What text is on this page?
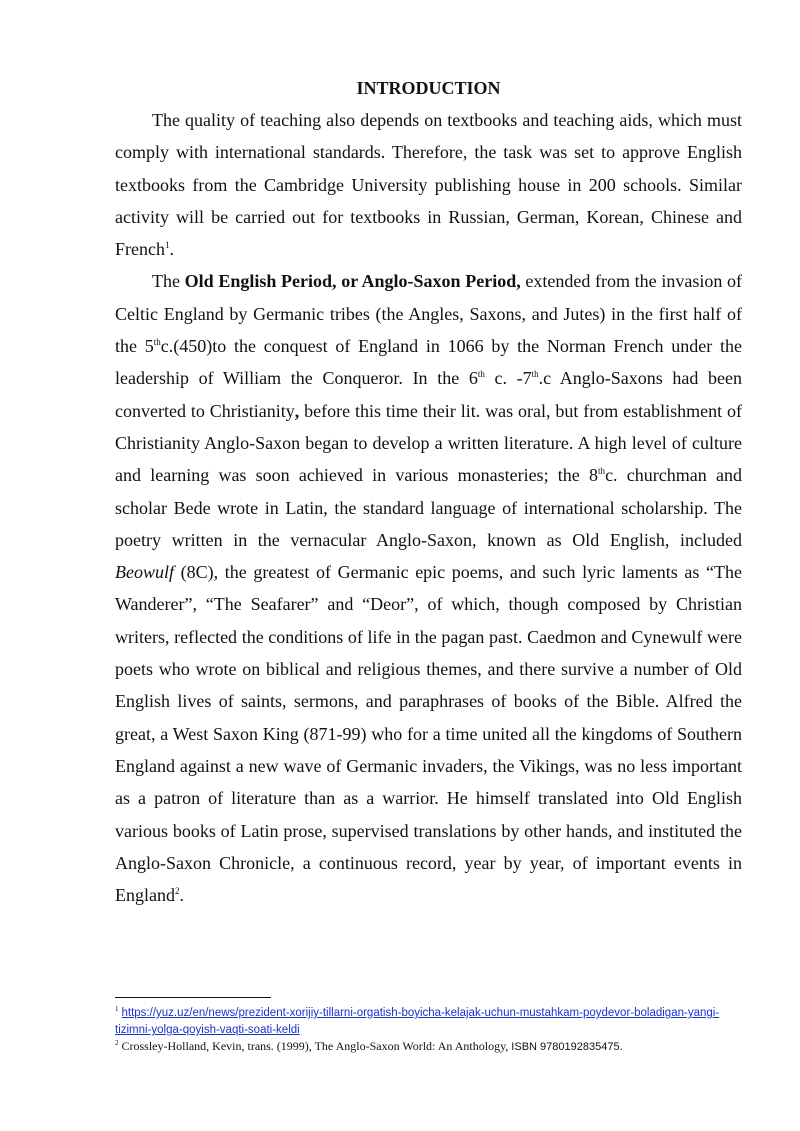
INTRODUCTION

The quality of teaching also depends on textbooks and teaching aids, which must comply with international standards. Therefore, the task was set to approve English textbooks from the Cambridge University publishing house in 200 schools. Similar activity will be carried out for textbooks in Russian, German, Korean, Chinese and French$^1$.

The Old English Period, or Anglo-Saxon Period, extended from the invasion of Celtic England by Germanic tribes (the Angles, Saxons, and Jutes) in the first half of the 5thc.(450)to the conquest of England in 1066 by the Norman French under the leadership of William the Conqueror. In the 6th c. -7th.c Anglo-Saxons had been converted to Christianity, before this time their lit. was oral, but from establishment of Christianity Anglo-Saxon began to develop a written literature. A high level of culture and learning was soon achieved in various monasteries; the 8thc. churchman and scholar Bede wrote in Latin, the standard language of international scholarship. The poetry written in the vernacular Anglo-Saxon, known as Old English, included Beowulf (8C), the greatest of Germanic epic poems, and such lyric laments as “The Wanderer”, “The Seafarer” and “Deor”, of which, though composed by Christian writers, reflected the conditions of life in the pagan past. Caedmon and Cynewulf were poets who wrote on biblical and religious themes, and there survive a number of Old English lives of saints, sermons, and paraphrases of books of the Bible. Alfred the great, a West Saxon King (871-99) who for a time united all the kingdoms of Southern England against a new wave of Germanic invaders, the Vikings, was no less important as a patron of literature than as a warrior. He himself translated into Old English various books of Latin prose, supervised translations by other hands, and instituted the Anglo-Saxon Chronicle, a continuous record, year by year, of important events in England$^2$.

$^1$ https://yuz.uz/en/news/prezident-xorijiy-tillarni-orgatish-boyicha-kelajak-uchun-mustahkam-poydevor-boladigan-yangi-tizimni-yolga-qoyish-vaqti-soati-keldi

$^2$ Crossley-Holland, Kevin, trans. (1999), The Anglo-Saxon World: An Anthology, ISBN 9780192835475.
